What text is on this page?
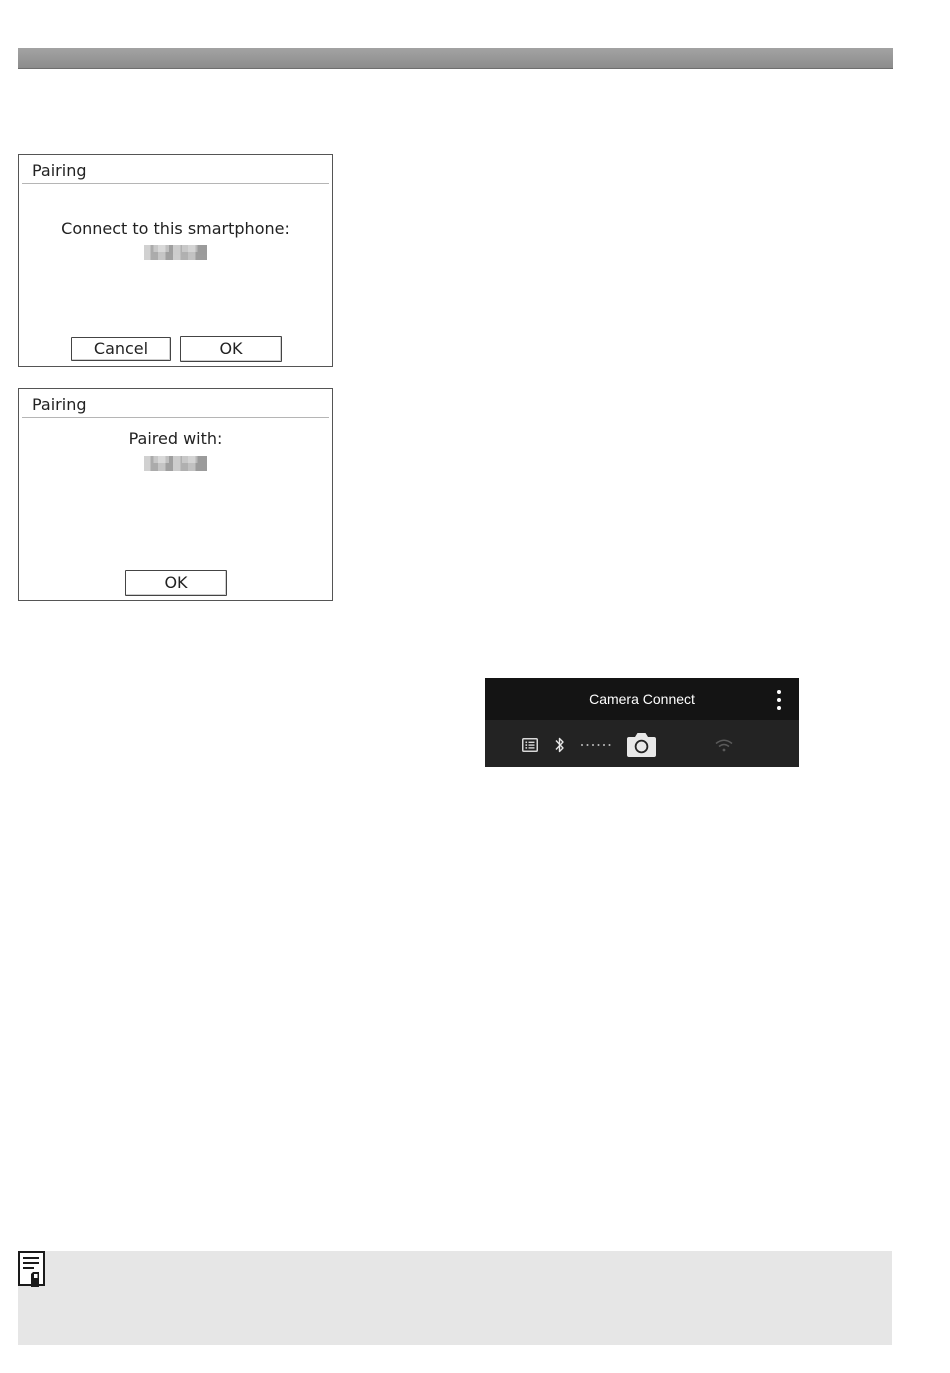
Pairing
Connect to this smartphone:
Cancel	OK
Pairing
Paired with:
OK
Camera Connect
